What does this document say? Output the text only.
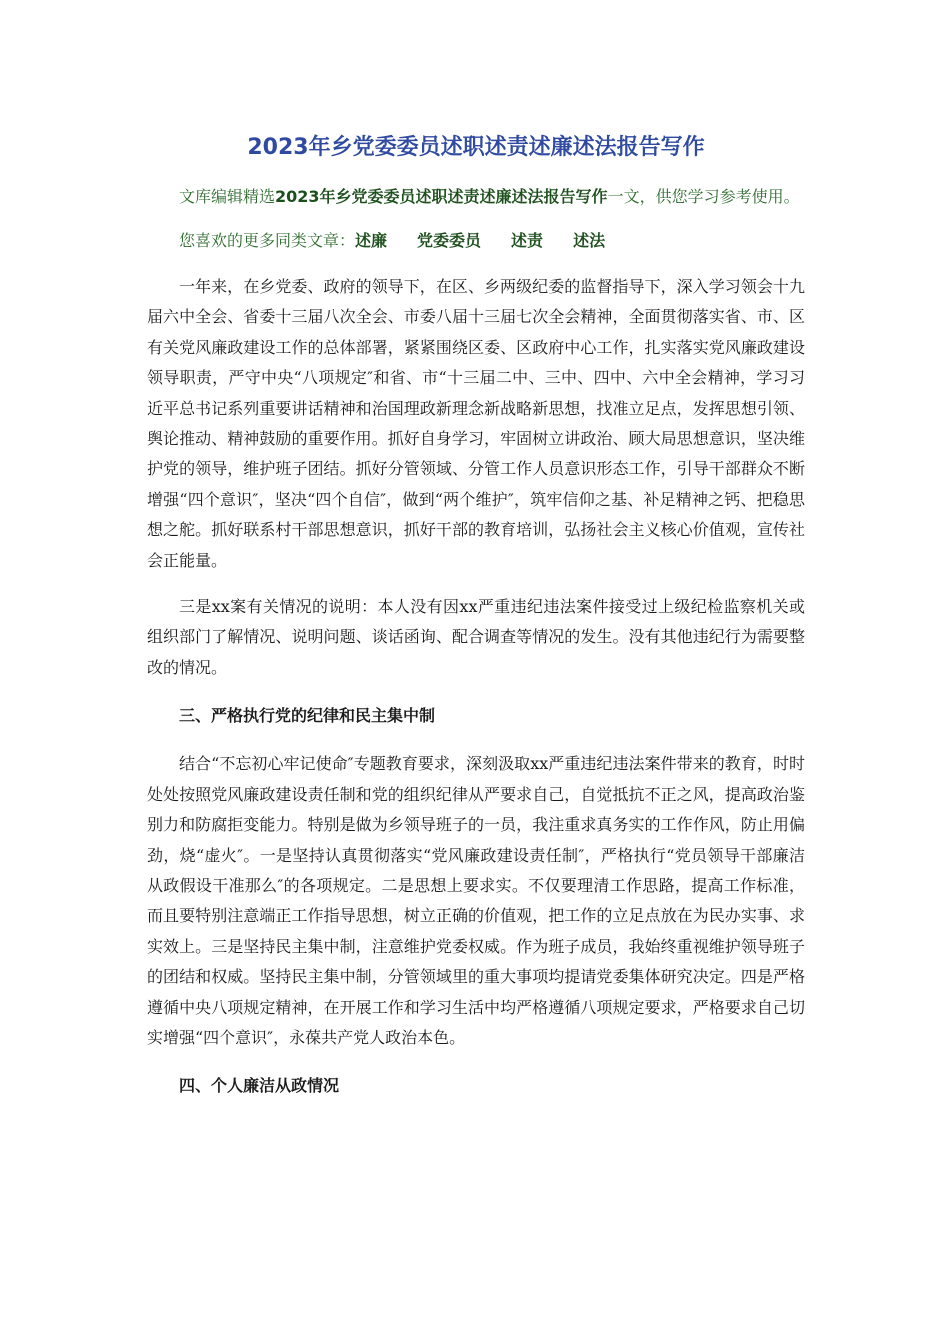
2023年乡党委委员述职述责述廉述法报告写作

文库编辑精选2023年乡党委委员述职述责述廉述法报告写作一文，供您学习参考使用。

您喜欢的更多同类文章：述廉 党委委员 述责 述法

一年来，在乡党委、政府的领导下，在区、乡两级纪委的监督指导下，深入学习领会十九届六中全会、省委十三届八次全会、市委八届十三届七次全会精神，全面贯彻落实省、市、区有关党风廉政建设工作的总体部署，紧紧围绕区委、区政府中心工作，扎实落实党风廉政建设领导职责，严守中央“八项规定″和省、市“十三届二中、三中、四中、六中全会精神，学习习近平总书记系列重要讲话精神和治国理政新理念新战略新思想，找准立足点，发挥思想引领、舆论推动、精神鼓励的重要作用。抓好自身学习，牢固树立讲政治、顾大局思想意识，坚决维护党的领导，维护班子团结。抓好分管领域、分管工作人员意识形态工作，引导干部群众不断增强“四个意识″，坚决“四个自信″，做到“两个维护″，筑牢信仰之基、补足精神之钙、把稳思想之舵。抓好联系村干部思想意识，抓好干部的教育培训，弘扬社会主义核心价值观，宣传社会正能量。

三是xx案有关情况的说明：本人没有因xx严重违纪违法案件接受过上级纪检监察机关或组织部门了解情况、说明问题、谈话函询、配合调查等情况的发生。没有其他违纪行为需要整改的情况。

三、严格执行党的纪律和民主集中制

结合“不忘初心牢记使命″专题教育要求，深刻汲取xx严重违纪违法案件带来的教育，时时处处按照党风廉政建设责任制和党的组织纪律从严要求自己，自觉抵抗不正之风，提高政治鉴别力和防腐拒变能力。特别是做为乡领导班子的一员，我注重求真务实的工作作风，防止用偏劲，烧“虚火″。一是坚持认真贯彻落实“党风廉政建设责任制″，严格执行“党员领导干部廉洁从政假设干准那么″的各项规定。二是思想上要求实。不仅要理清工作思路，提高工作标准，而且要特别注意端正工作指导思想，树立正确的价值观，把工作的立足点放在为民办实事、求实效上。三是坚持民主集中制，注意维护党委权威。作为班子成员，我始终重视维护领导班子的团结和权威。坚持民主集中制，分管领域里的重大事项均提请党委集体研究决定。四是严格遵循中央八项规定精神，在开展工作和学习生活中均严格遵循八项规定要求，严格要求自己切实增强“四个意识″，永葆共产党人政治本色。

四、个人廉洁从政情况
